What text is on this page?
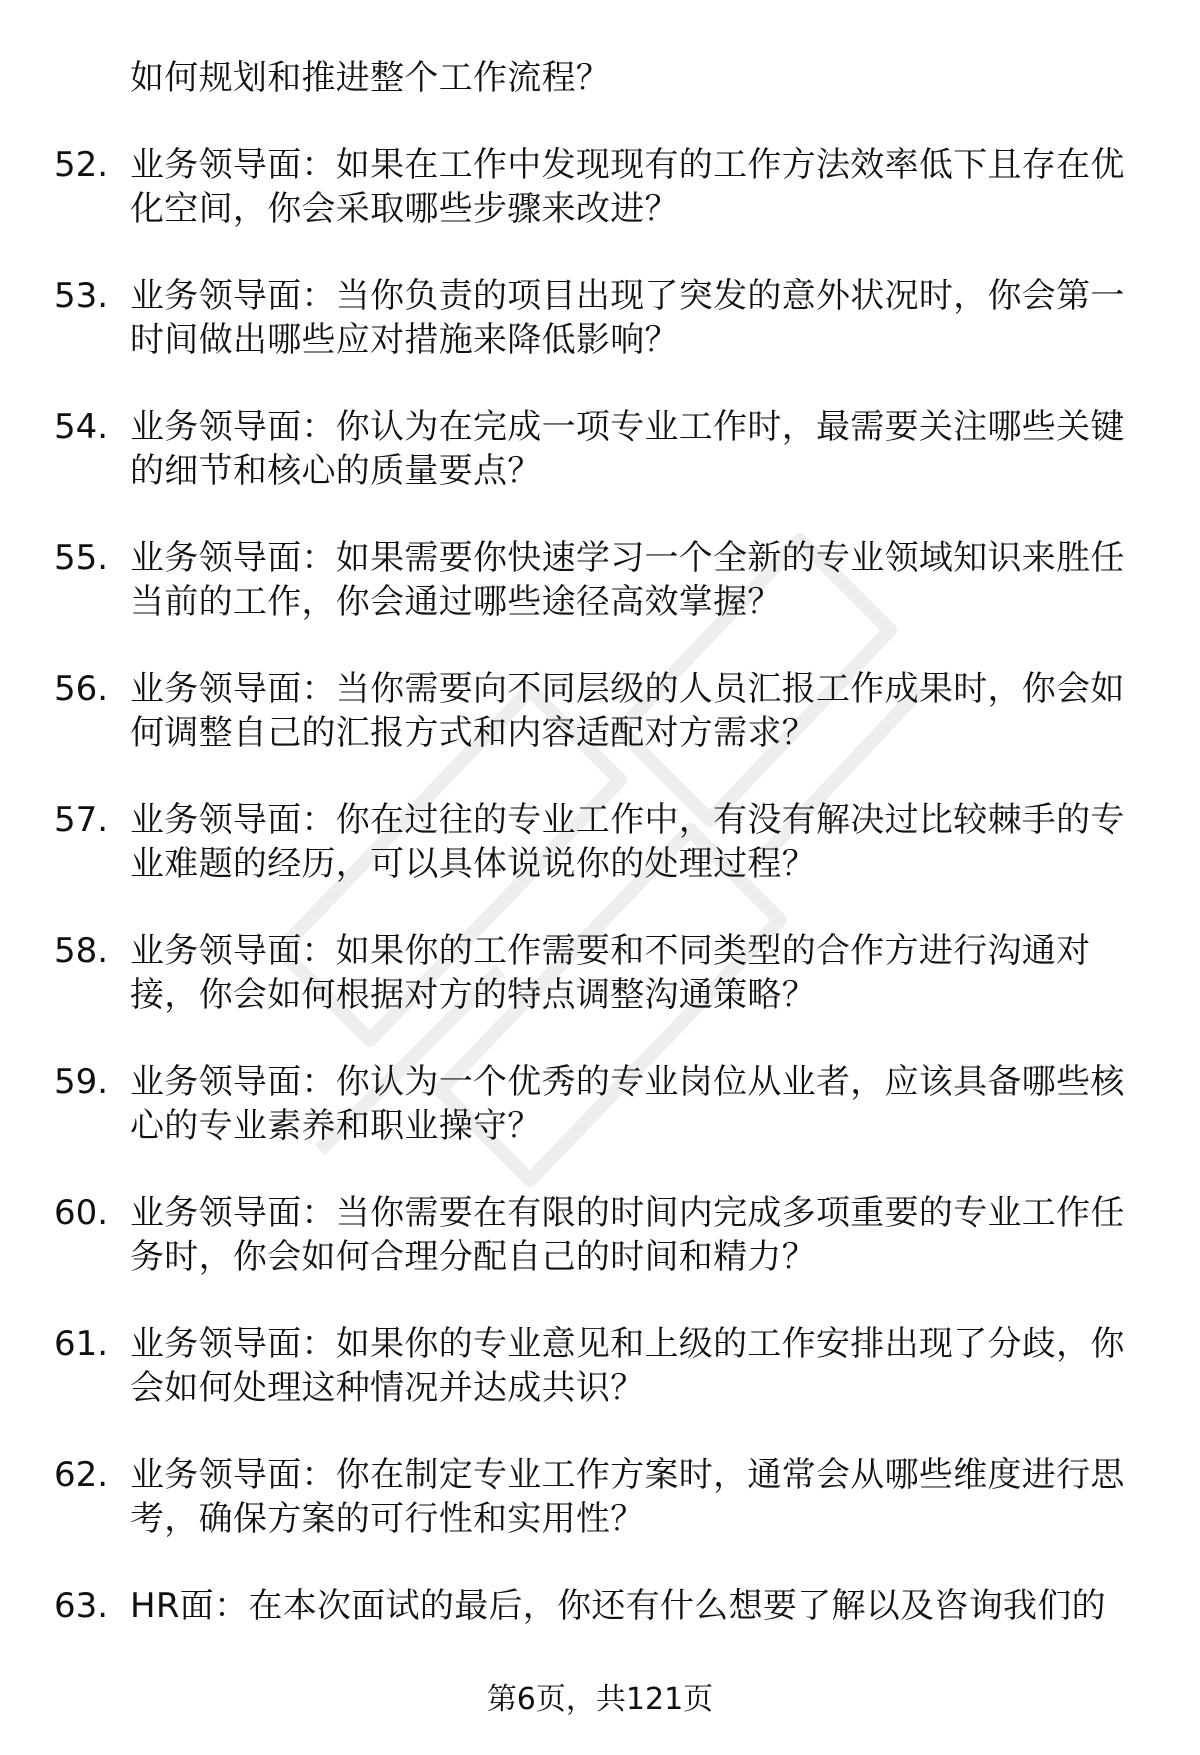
如何规划和推进整个工作流程？
52. 业务领导面：如果在工作中发现现有的工作方法效率低下且存在优化空间，你会采取哪些步骤来改进？
53. 业务领导面：当你负责的项目出现了突发的意外状况时，你会第一时间做出哪些应对措施来降低影响？
54. 业务领导面：你认为在完成一项专业工作时，最需要关注哪些关键的细节和核心的质量要点？
55. 业务领导面：如果需要你快速学习一个全新的专业领域知识来胜任当前的工作，你会通过哪些途径高效掌握？
56. 业务领导面：当你需要向不同层级的人员汇报工作成果时，你会如何调整自己的汇报方式和内容适配对方需求？
57. 业务领导面：你在过往的专业工作中，有没有解决过比较棘手的专业难题的经历，可以具体说说你的处理过程？
58. 业务领导面：如果你的工作需要和不同类型的合作方进行沟通对接，你会如何根据对方的特点调整沟通策略？
59. 业务领导面：你认为一个优秀的专业岗位从业者，应该具备哪些核心的专业素养和职业操守？
60. 业务领导面：当你需要在有限的时间内完成多项重要的专业工作任务时，你会如何合理分配自己的时间和精力？
61. 业务领导面：如果你的专业意见和上级的工作安排出现了分歧，你会如何处理这种情况并达成共识？
62. 业务领导面：你在制定专业工作方案时，通常会从哪些维度进行思考，确保方案的可行性和实用性？
63. HR面：在本次面试的最后，你还有什么想要了解以及咨询我们的
第6页，共121页
